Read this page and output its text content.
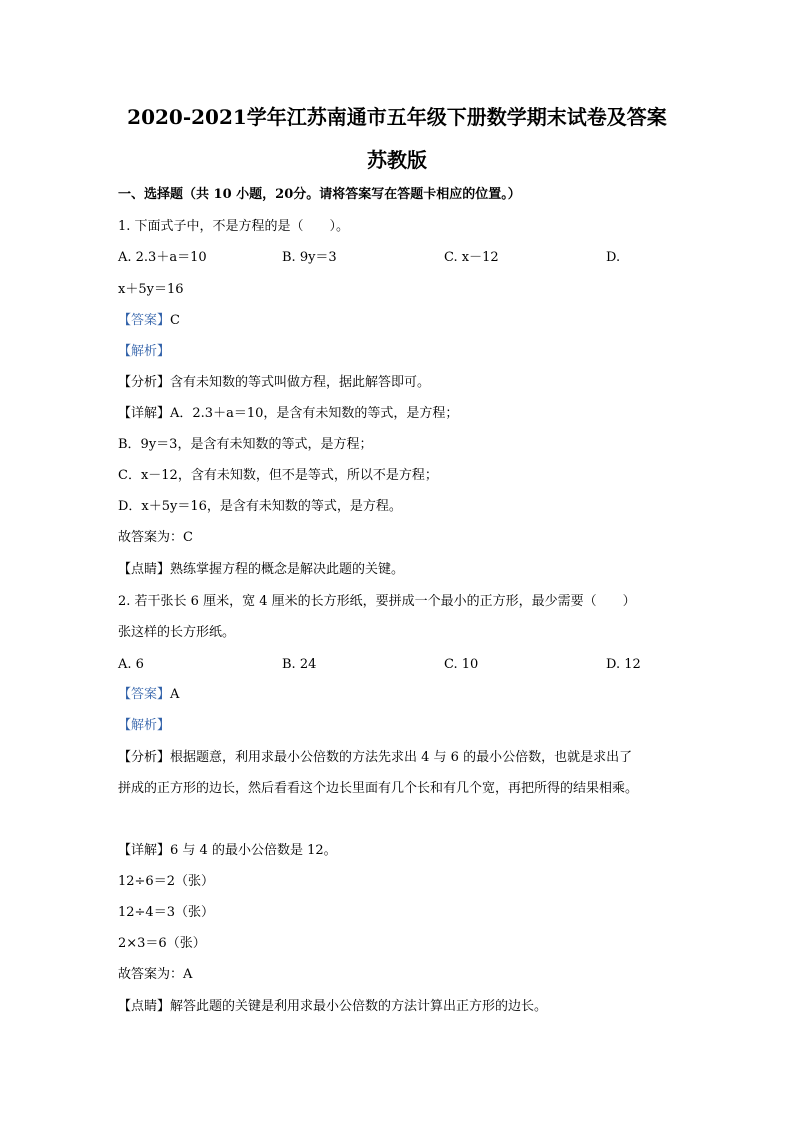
2020-2021学年江苏南通市五年级下册数学期末试卷及答案
苏教版
一、选择题（共 10 小题，20分。请将答案写在答题卡相应的位置。）
1. 下面式子中，不是方程的是（　　）。
A. 2.3＋a＝10	B. 9y＝3	C. x－12	D.
x＋5y＝16
【答案】C
【解析】
【分析】含有未知数的等式叫做方程，据此解答即可。
【详解】A．2.3＋a＝10，是含有未知数的等式，是方程；
B．9y＝3，是含有未知数的等式，是方程；
C．x－12，含有未知数，但不是等式，所以不是方程；
D．x＋5y＝16，是含有未知数的等式，是方程。
故答案为：C
【点睛】熟练掌握方程的概念是解决此题的关键。
2. 若干张长 6 厘米，宽 4 厘米的长方形纸，要拼成一个最小的正方形，最少需要（　　）
张这样的长方形纸。
A. 6	B. 24	C. 10	D. 12
【答案】A
【解析】
【分析】根据题意，利用求最小公倍数的方法先求出 4 与 6 的最小公倍数，也就是求出了
拼成的正方形的边长，然后看看这个边长里面有几个长和有几个宽，再把所得的结果相乘。
【详解】6 与 4 的最小公倍数是 12。
12÷6＝2（张）
12÷4＝3（张）
2×3＝6（张）
故答案为：A
【点睛】解答此题的关键是利用求最小公倍数的方法计算出正方形的边长。
